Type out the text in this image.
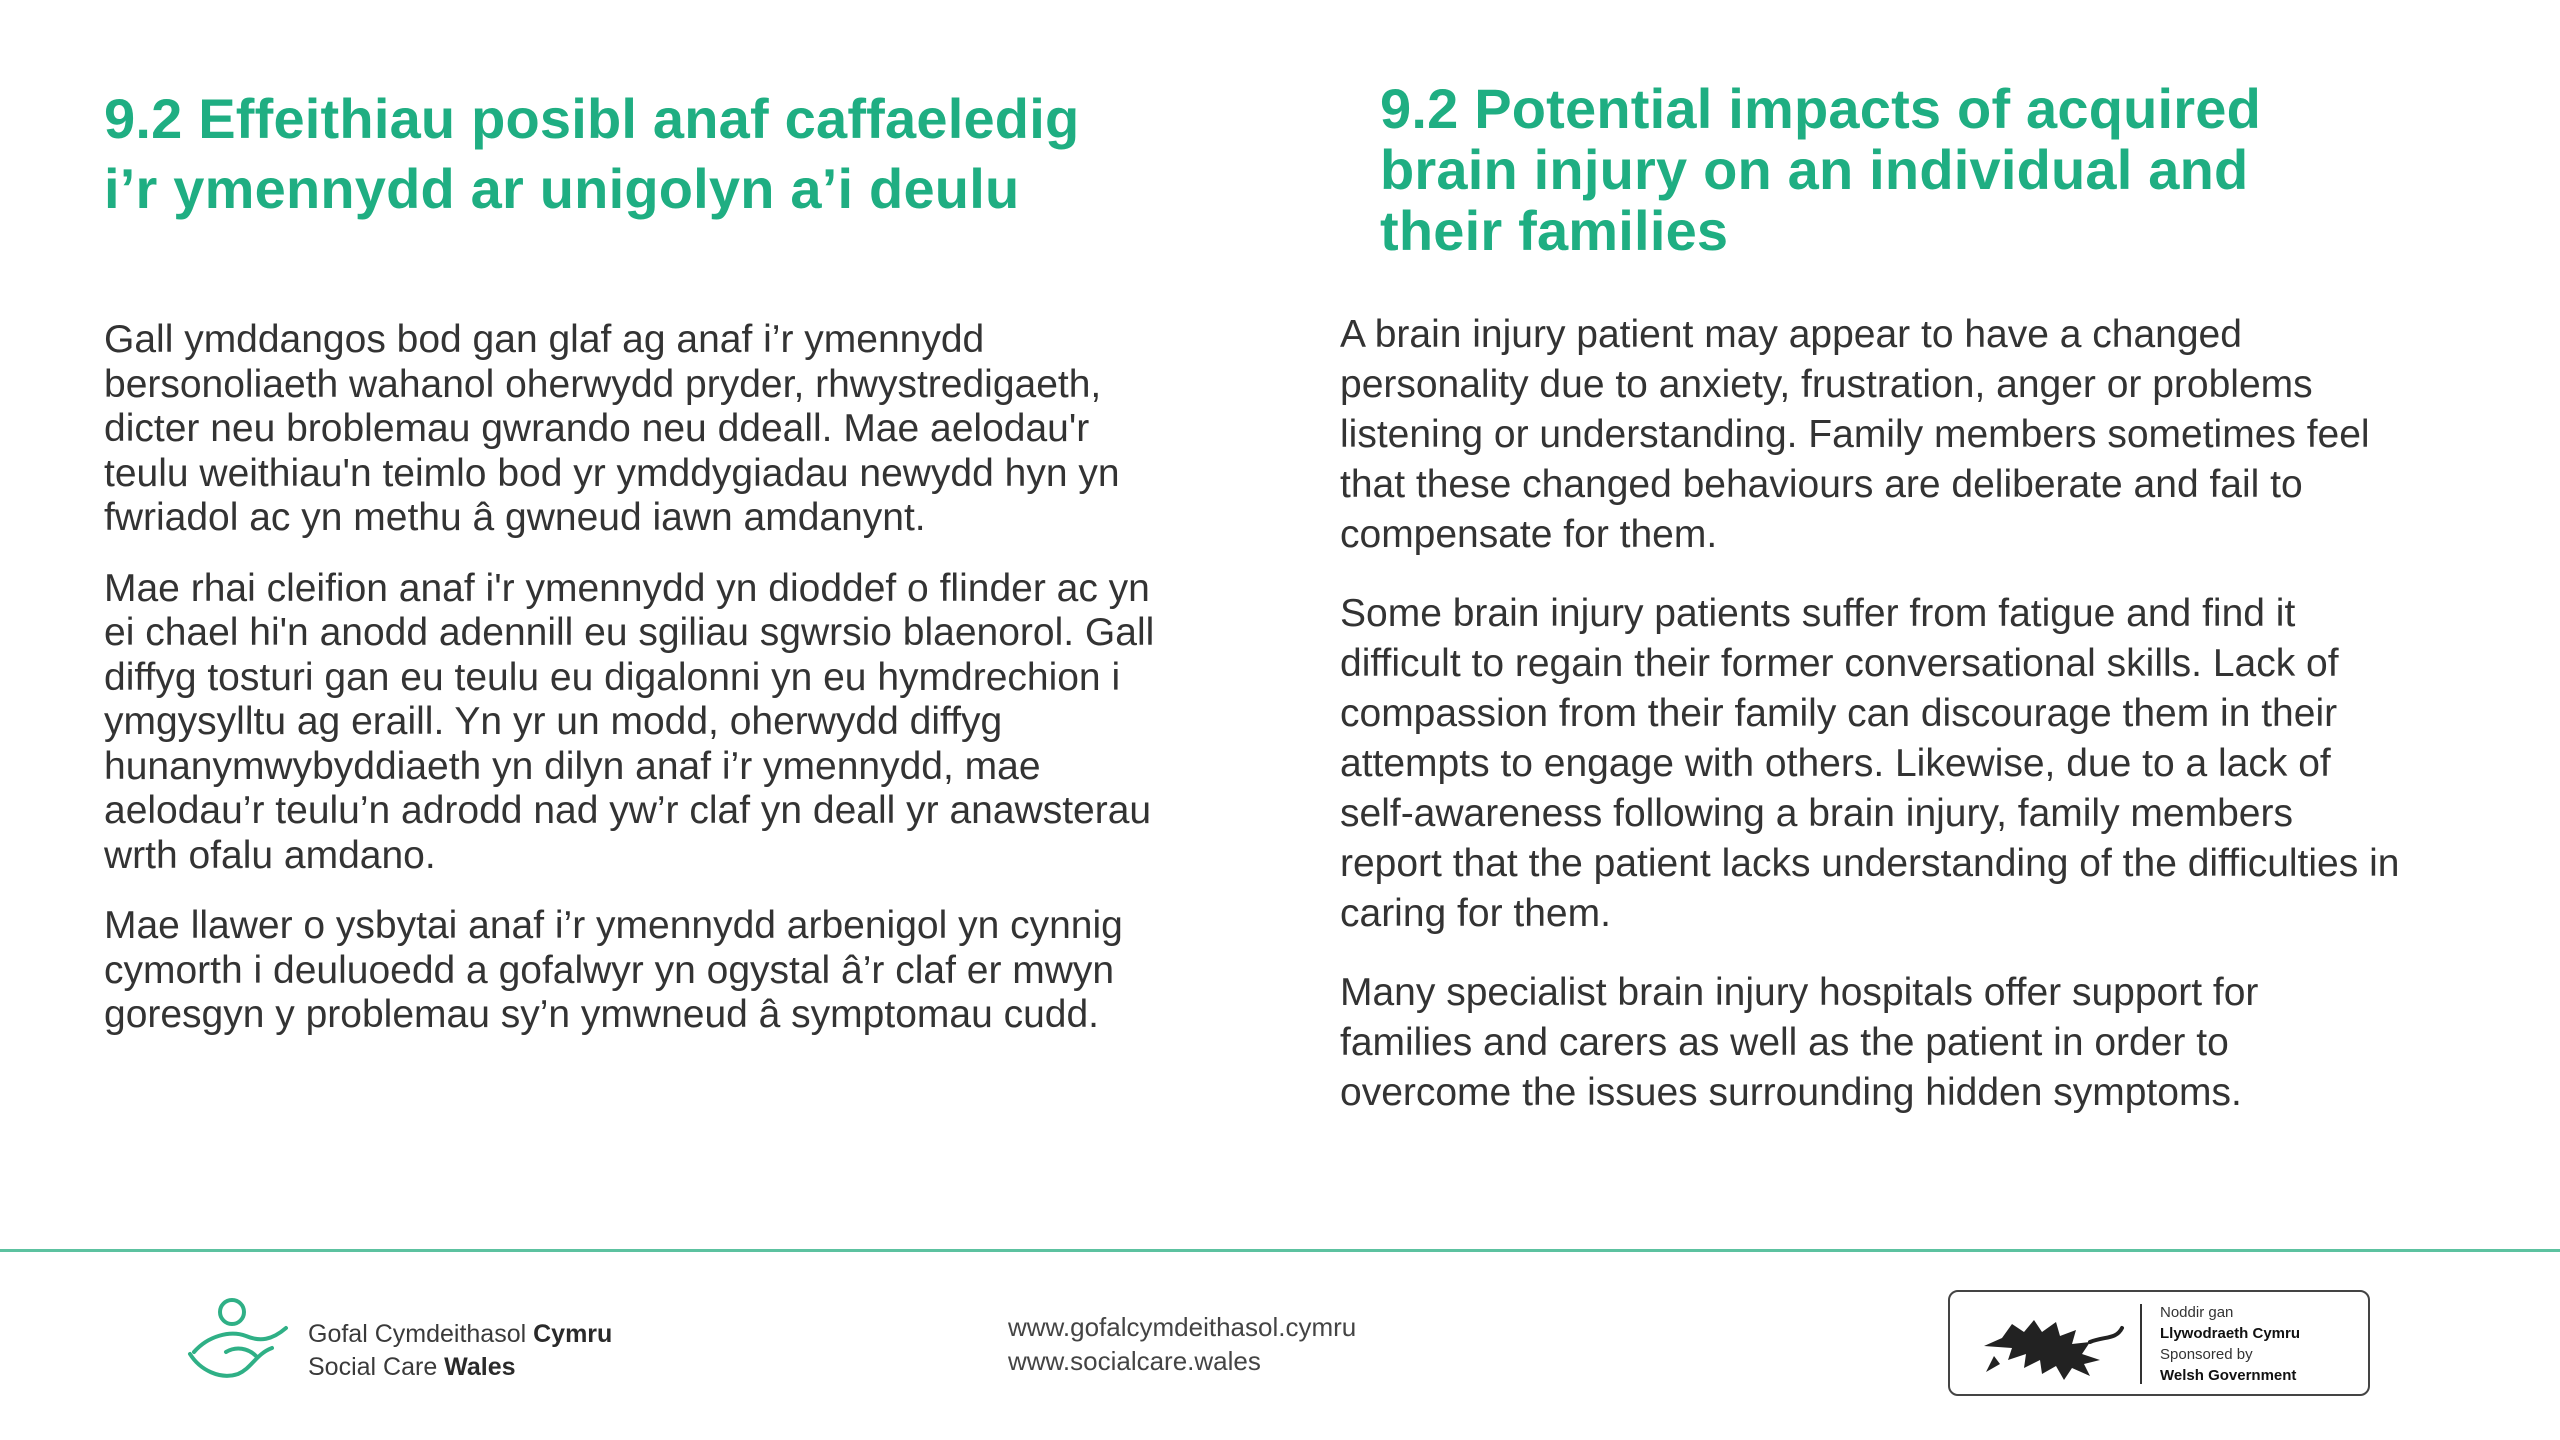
9.2 Effeithiau posibl anaf caffaeledig
i’r ymennydd ar unigolyn a’i deulu

Gall ymddangos bod gan glaf ag anaf i’r ymennydd bersonoliaeth wahanol oherwydd pryder, rhwystredigaeth, dicter neu broblemau gwrando neu ddeall. Mae aelodau'r teulu weithiau'n teimlo bod yr ymddygiadau newydd hyn yn fwriadol ac yn methu â gwneud iawn amdanynt.

Mae rhai cleifion anaf i'r ymennydd yn dioddef o flinder ac yn ei chael hi'n anodd adennill eu sgiliau sgwrsio blaenorol. Gall diffyg tosturi gan eu teulu eu digalonni yn eu hymdrechion i ymgysylltu ag eraill. Yn yr un modd, oherwydd diffyg hunanymwybyddiaeth yn dilyn anaf i’r ymennydd, mae aelodau’r teulu’n adrodd nad yw’r claf yn deall yr anawsterau wrth ofalu amdano.

Mae llawer o ysbytai anaf i’r ymennydd arbenigol yn cynnig cymorth i deuluoedd a gofalwyr yn ogystal â’r claf er mwyn goresgyn y problemau sy’n ymwneud â symptomau cudd.

9.2 Potential impacts of acquired
brain injury on an individual and
their families

A brain injury patient may appear to have a changed personality due to anxiety, frustration, anger or problems listening or understanding. Family members sometimes feel that these changed behaviours are deliberate and fail to compensate for them.

Some brain injury patients suffer from fatigue and find it difficult to regain their former conversational skills. Lack of compassion from their family can discourage them in their attempts to engage with others. Likewise, due to a lack of self-awareness following a brain injury, family members report that the patient lacks understanding of the difficulties in caring for them.

Many specialist brain injury hospitals offer support for families and carers as well as the patient in order to overcome the issues surrounding hidden symptoms.

Gofal Cymdeithasol Cymru
Social Care Wales
www.gofalcymdeithasol.cymru
www.socialcare.wales
Noddir gan
Llywodraeth Cymru
Sponsored by
Welsh Government
